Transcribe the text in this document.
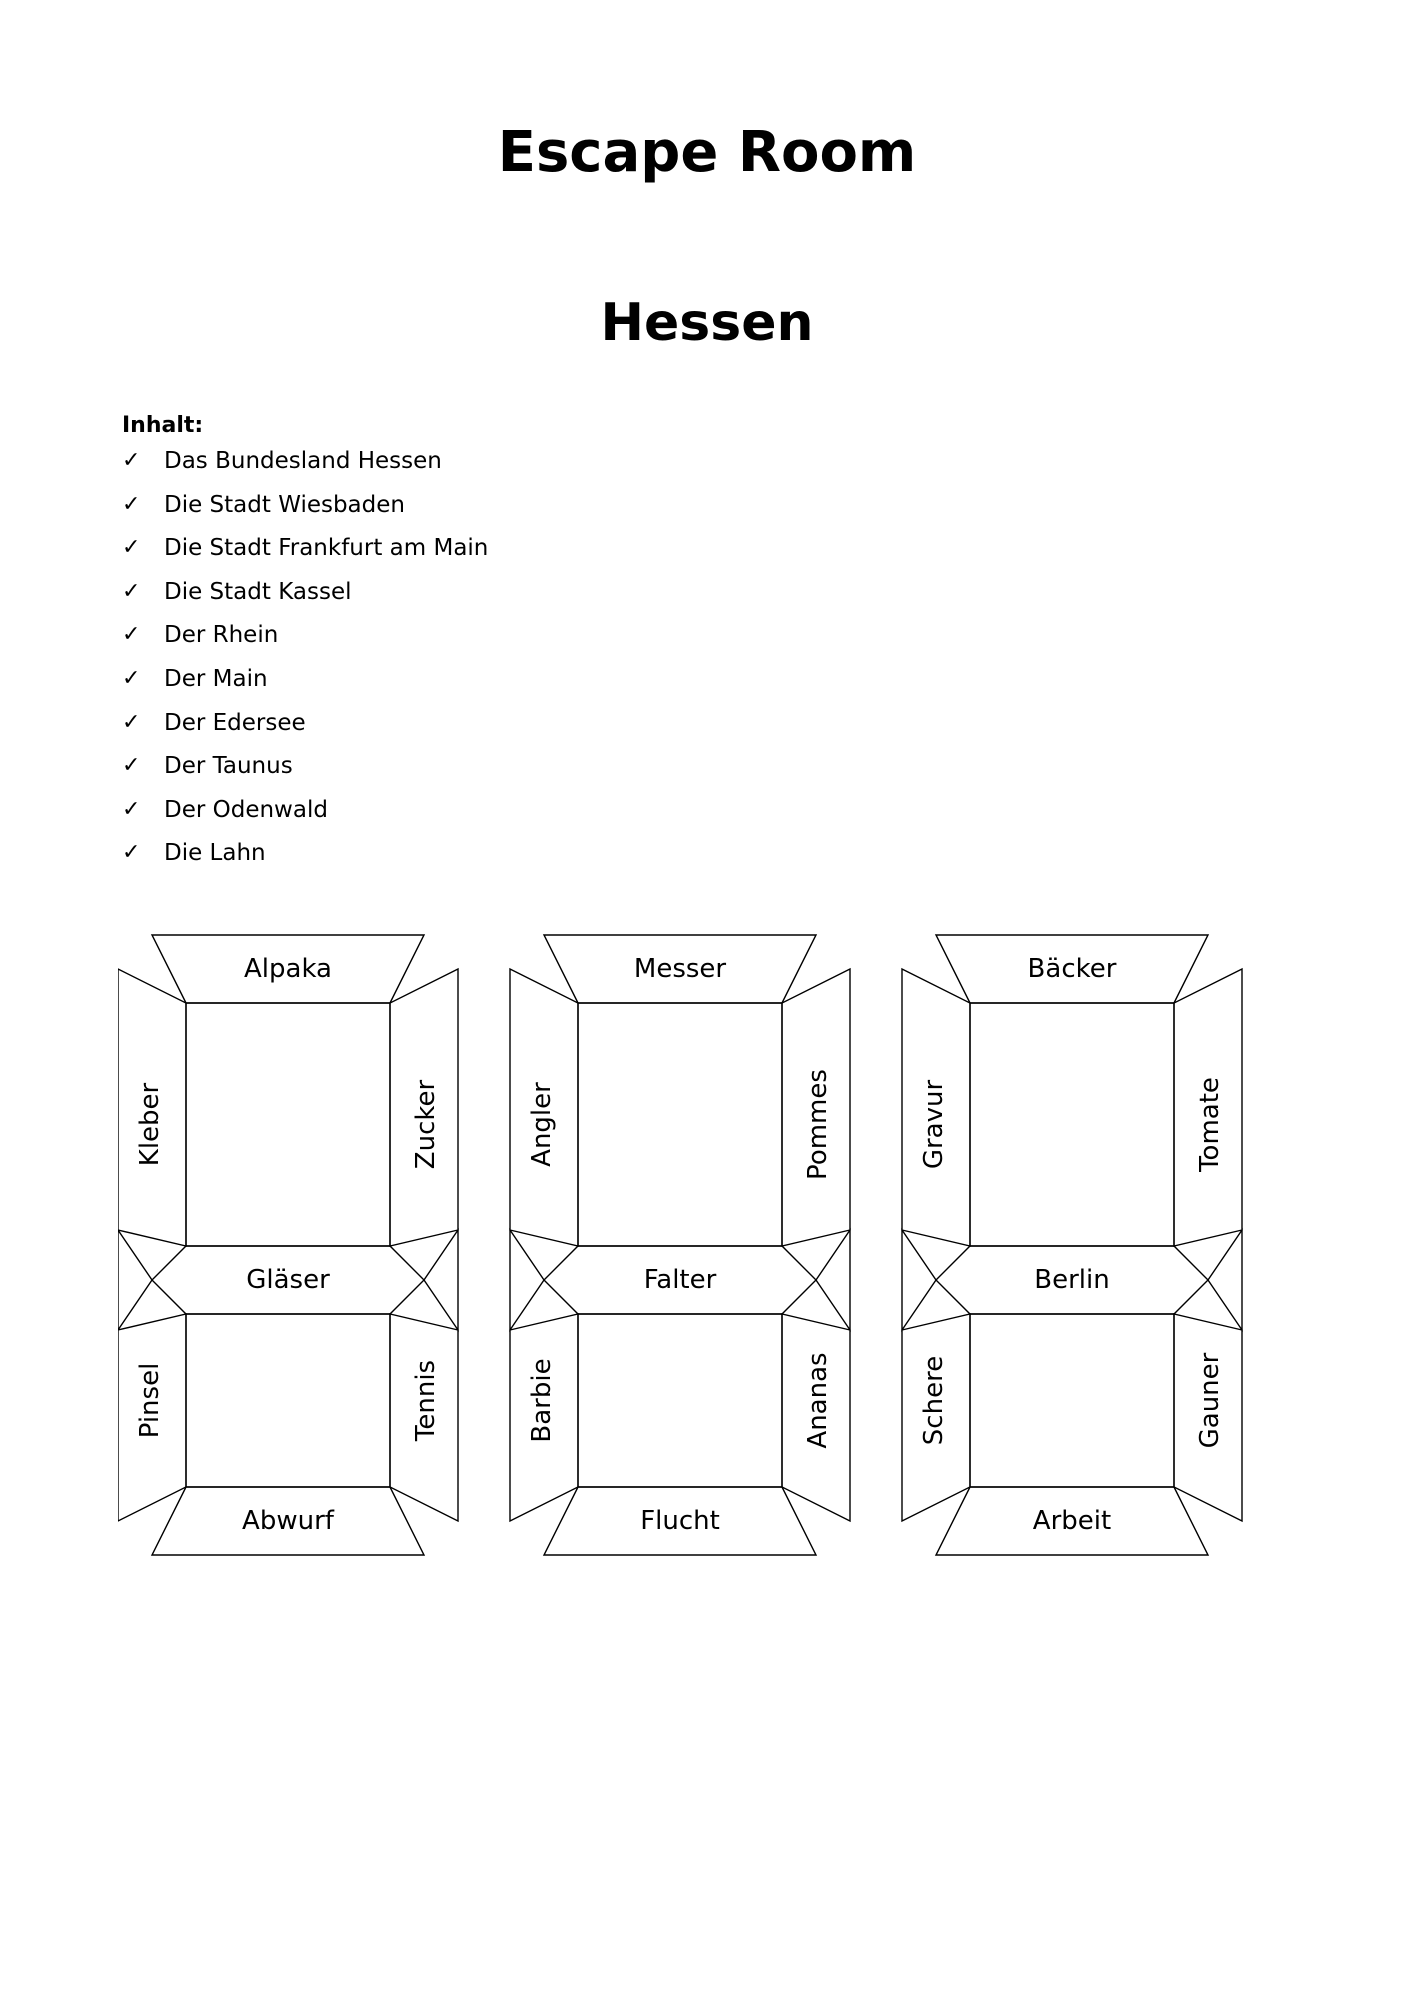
Escape Room
Hessen
Inhalt:
✓	Das Bundesland Hessen
✓	Die Stadt Wiesbaden
✓	Die Stadt Frankfurt am Main
✓	Die Stadt Kassel
✓	Der Rhein
✓	Der Main
✓	Der Edersee
✓	Der Taunus
✓	Der Odenwald
✓	Die Lahn
Alpaka
Kleber	Zucker
Gläser
Pinsel	Tennis
Abwurf
Messer
Angler	Pommes
Falter
Barbie	Ananas
Flucht
Bäcker
Gravur	Tomate
Berlin
Schere	Gauner
Arbeit
